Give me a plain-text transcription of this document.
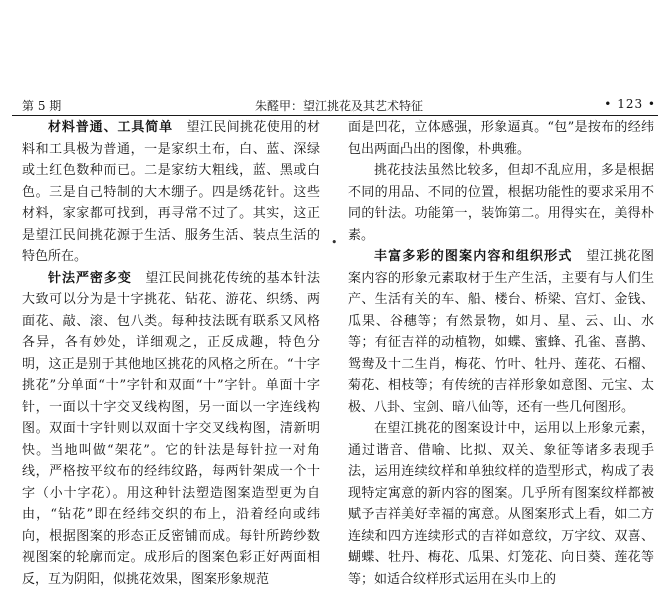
第 5 期	朱醛甲：望江挑花及其艺术特征	• 123 •

材料普通、工具简单　 望江民间挑花使用的材料和工具极为普通，一是家织土布，白、蓝、深绿或土红色数种而已。二是家纺大粗线，蓝、黑或白色。三是自己特制的大木绷子。四是绣花针。这些材料，家家都可找到，再寻常不过了。其实，这正是望江民间挑花源于生活、服务生活、装点生活的特色所在。

针法严密多变　 望江民间挑花传统的基本针法大致可以分为是十字挑花、钻花、游花、织绣、两面花、敲、滚、包八类。每种技法既有联系又风格各异，各有妙处，详细观之，正反成趣，特色分明，这正是别于其他地区挑花的风格之所在。“十字挑花”分单面“十”字针和双面“十”字针。单面十字针，一面以十字交叉线构图，另一面以一字连线构图。双面十字针则以双面十字交叉线构图，清新明快。当地叫做“架花”。它的针法是每针拉一对角线，严格按平纹布的经纬纹路，每两针架成一个十字（小十字花）。用这种针法塑造图案造型更为自由，“钻花”即在经纬交织的布上，沿着经向或纬向，根据图案的形态正反密铺而成。每针所跨纱数视图案的轮廓而定。成形后的图案色彩正好两面相反，互为阴阳，似挑花效果，图案形象规范

•

面是凹花，立体感强，形象逼真。“包”是按布的经纬包出两面凸出的图像，朴典雅。

挑花技法虽然比较多，但却不乱应用，多是根据不同的用品、不同的位置，根据功能性的要求采用不同的针法。功能第一，装饰第二。用得实在，美得朴素。

丰富多彩的图案内容和组织形式　 望江挑花图案内容的形象元素取材于生产生活，主要有与人们生产、生活有关的车、船、楼台、桥梁、宫灯、金钱、瓜果、谷穗等；有然景物，如月、星、云、山、水等；有征吉祥的动植物，如蝶、蜜蜂、孔雀、喜鹊、鸳鸯及十二生肖，梅花、竹叶、牡丹、莲花、石榴、菊花、相枝等；有传统的吉祥形象如意图、元宝、太极、八卦、宝剑、暗八仙等，还有一些几何图形。

在望江挑花的图案设计中，运用以上形象元素，通过谐音、借喻、比拟、双关、象征等诸多表现手法，运用连续纹样和单独纹样的造型形式，构成了表现特定寓意的新内容的图案。几乎所有图案纹样都被赋予吉祥美好幸福的寓意。从图案形式上看，如二方连续和四方连续形式的吉祥如意纹，万字纹、双喜、蝴蝶、牡丹、梅花、瓜果、灯笼花、向日葵、莲花等等；如适合纹样形式运用在头巾上的
